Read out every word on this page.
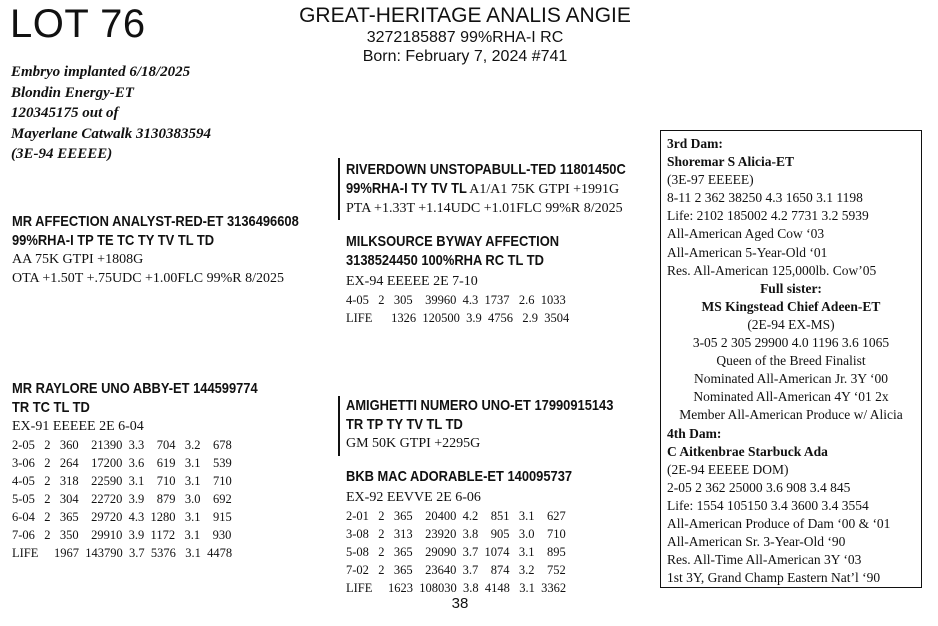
LOT 76	GREAT-HERITAGE ANALIS ANGIE
3272185887 99%RHA-I RC
Born: February 7, 2024 #741
Embryo implanted 6/18/2025
Blondin Energy-ET
120345175 out of
Mayerlane Catwalk 3130383594
(3E-94 EEEEE)
MR AFFECTION ANALYST-RED-ET 3136496608
99%RHA-I TP TE TC TY TV TL TD
AA 75K GTPI +1808G
OTA +1.50T +.75UDC +1.00FLC 99%R 8/2025
RIVERDOWN UNSTOPABULL-TED 11801450C
99%RHA-I TY TV TL A1/A1 75K GTPI +1991G
PTA +1.33T +1.14UDC +1.01FLC 99%R 8/2025
MILKSOURCE BYWAY AFFECTION
3138524450 100%RHA RC TL TD
EX-94 EEEEE 2E 7-10
4-05   2   305    39960  4.3  1737   2.6  1033
LIFE      1326  120500  3.9  4756   2.9  3504
MR RAYLORE UNO ABBY-ET 144599774
TR TC TL TD
EX-91 EEEEE 2E 6-04
2-05   2   360    21390  3.3    704   3.2    678
3-06   2   264    17200  3.6    619   3.1    539
4-05   2   318    22590  3.1    710   3.1    710
5-05   2   304    22720  3.9    879   3.0    692
6-04   2   365    29720  4.3  1280   3.1    915
7-06   2   350    29910  3.9  1172   3.1    930
LIFE     1967  143790  3.7  5376   3.1  4478
AMIGHETTI NUMERO UNO-ET 17990915143
TR TP TY TV TL TD
GM 50K GTPI +2295G
BKB MAC ADORABLE-ET 140095737
EX-92 EEVVE 2E 6-06
2-01   2   365    20400  4.2    851   3.1    627
3-08   2   313    23920  3.8    905   3.0    710
5-08   2   365    29090  3.7  1074   3.1    895
7-02   2   365    23640  3.7    874   3.2    752
LIFE     1623  108030  3.8  4148   3.1  3362
3rd Dam:
Shoremar S Alicia-ET
(3E-97 EEEEE)
8-11 2 362 38250 4.3 1650 3.1 1198
Life: 2102 185002 4.2 7731 3.2 5939
All-American Aged Cow ‘03
All-American 5-Year-Old ‘01
Res. All-American 125,000lb. Cow’05
Full sister:
MS Kingstead Chief Adeen-ET
(2E-94 EX-MS)
3-05 2 305 29900 4.0 1196 3.6 1065
Queen of the Breed Finalist
Nominated All-American Jr. 3Y ‘00
Nominated All-American 4Y ‘01 2x
Member All-American Produce w/ Alicia
4th Dam:
C Aitkenbrae Starbuck Ada
(2E-94 EEEEE DOM)
2-05 2 362 25000 3.6 908 3.4 845
Life: 1554 105150 3.4 3600 3.4 3554
All-American Produce of Dam ‘00 & ‘01
All-American Sr. 3-Year-Old ‘90
Res. All-Time All-American 3Y ‘03
1st 3Y, Grand Champ Eastern Nat’l ‘90
38
